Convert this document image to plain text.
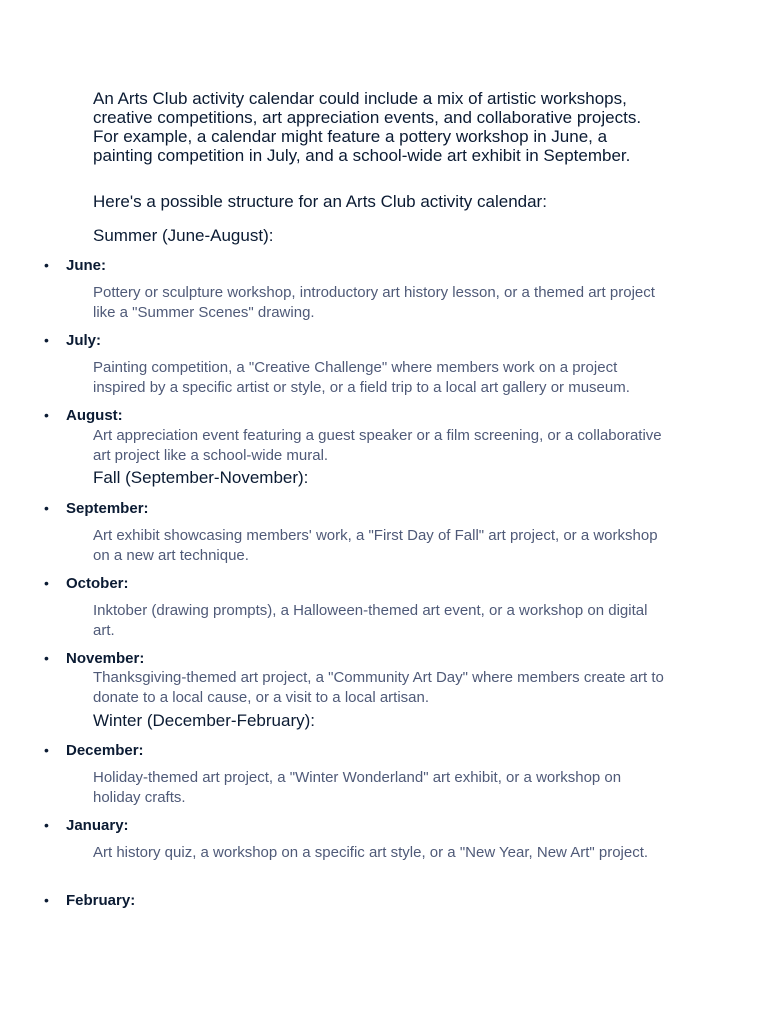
An Arts Club activity calendar could include a mix of artistic workshops, creative competitions, art appreciation events, and collaborative projects. For example, a calendar might feature a pottery workshop in June, a painting competition in July, and a school-wide art exhibit in September.

Here's a possible structure for an Arts Club activity calendar:

Summer (June-August):
• June:

Pottery or sculpture workshop, introductory art history lesson, or a themed art project like a "Summer Scenes" drawing.

• July:

Painting competition, a "Creative Challenge" where members work on a project inspired by a specific artist or style, or a field trip to a local art gallery or museum.

• August:

Art appreciation event featuring a guest speaker or a film screening, or a collaborative art project like a school-wide mural.

Fall (September-November):
• September:

Art exhibit showcasing members' work, a "First Day of Fall" art project, or a workshop on a new art technique.

• October:

Inktober (drawing prompts), a Halloween-themed art event, or a workshop on digital art.

• November:

Thanksgiving-themed art project, a "Community Art Day" where members create art to donate to a local cause, or a visit to a local artisan.

Winter (December-February):
• December:

Holiday-themed art project, a "Winter Wonderland" art exhibit, or a workshop on holiday crafts.

• January:

Art history quiz, a workshop on a specific art style, or a "New Year, New Art" project.

• February:
